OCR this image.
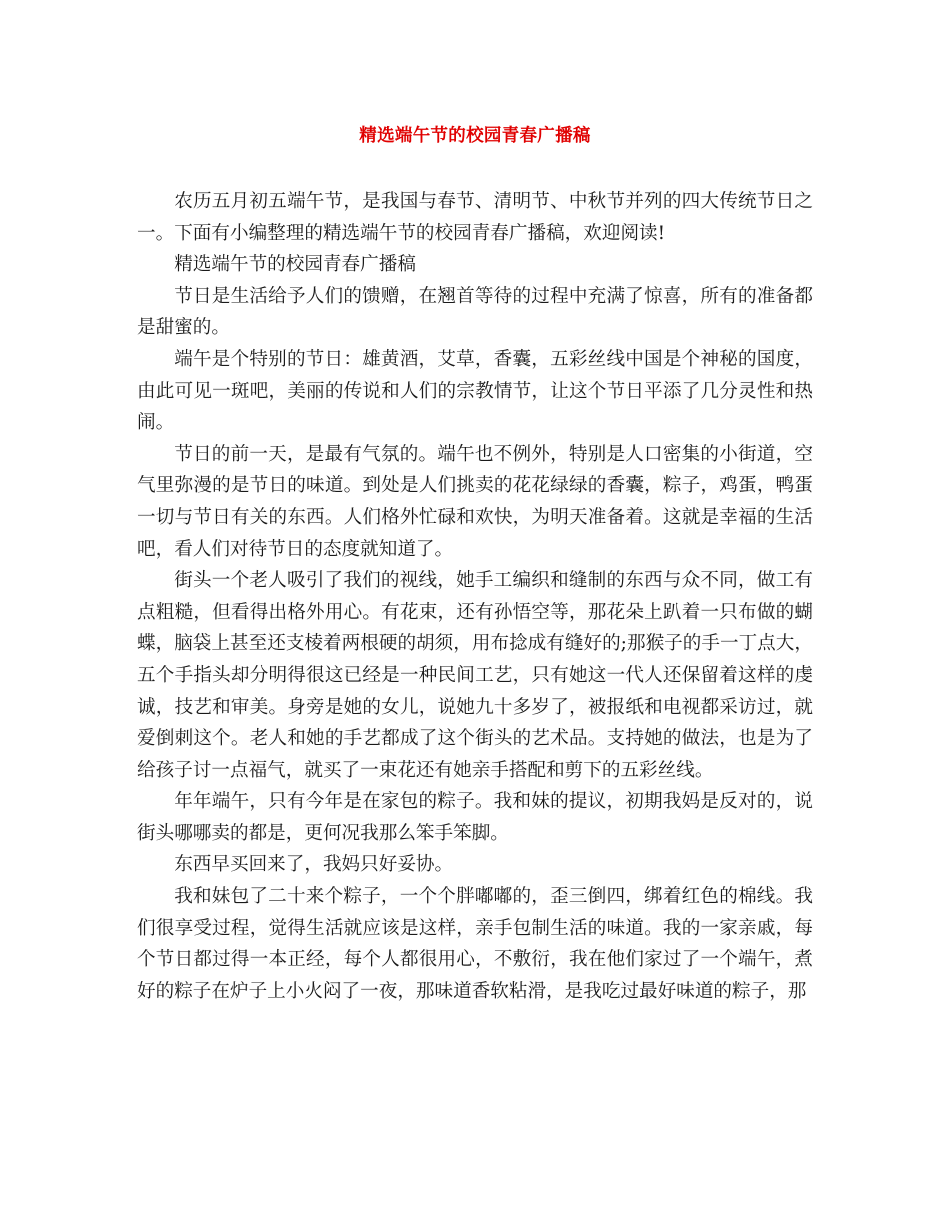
精选端午节的校园青春广播稿

农历五月初五端午节，是我国与春节、清明节、中秋节并列的四大传统节日之一。下面有小编整理的精选端午节的校园青春广播稿，欢迎阅读!

精选端午节的校园青春广播稿

节日是生活给予人们的馈赠，在翘首等待的过程中充满了惊喜，所有的准备都是甜蜜的。

端午是个特别的节日：雄黄酒，艾草，香囊，五彩丝线中国是个神秘的国度，由此可见一斑吧，美丽的传说和人们的宗教情节，让这个节日平添了几分灵性和热闹。

节日的前一天，是最有气氛的。端午也不例外，特别是人口密集的小街道，空气里弥漫的是节日的味道。到处是人们挑卖的花花绿绿的香囊，粽子，鸡蛋，鸭蛋一切与节日有关的东西。人们格外忙碌和欢快，为明天准备着。这就是幸福的生活吧，看人们对待节日的态度就知道了。

街头一个老人吸引了我们的视线，她手工编织和缝制的东西与众不同，做工有点粗糙，但看得出格外用心。有花束，还有孙悟空等，那花朵上趴着一只布做的蝴蝶，脑袋上甚至还支棱着两根硬的胡须，用布捻成有缝好的;那猴子的手一丁点大，五个手指头却分明得很这已经是一种民间工艺，只有她这一代人还保留着这样的虔诚，技艺和审美。身旁是她的女儿，说她九十多岁了，被报纸和电视都采访过，就爱倒刺这个。老人和她的手艺都成了这个街头的艺术品。支持她的做法，也是为了给孩子讨一点福气，就买了一束花还有她亲手搭配和剪下的五彩丝线。

年年端午，只有今年是在家包的粽子。我和妹的提议，初期我妈是反对的，说街头哪哪卖的都是，更何况我那么笨手笨脚。

东西早买回来了，我妈只好妥协。

我和妹包了二十来个粽子，一个个胖嘟嘟的，歪三倒四，绑着红色的棉线。我们很享受过程，觉得生活就应该是这样，亲手包制生活的味道。我的一家亲戚，每个节日都过得一本正经，每个人都很用心，不敷衍，我在他们家过了一个端午，煮好的粽子在炉子上小火闷了一夜，那味道香软粘滑，是我吃过最好味道的粽子，那
